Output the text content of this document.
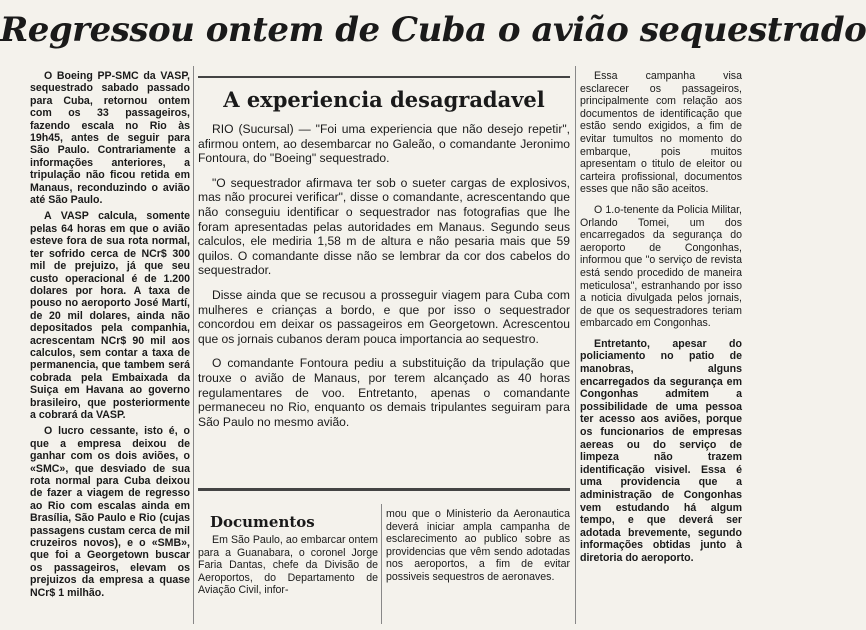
Regressou ontem de Cuba o avião sequestrado

O Boeing PP-SMC da VASP, sequestrado sabado passado para Cuba, retornou ontem com os 33 passageiros, fazendo escala no Rio às 19h45, antes de seguir para São Paulo. Contrariamente a informações anteriores, a tripulação não ficou retida em Manaus, reconduzindo o avião até São Paulo.

A VASP calcula, somente pelas 64 horas em que o avião esteve fora de sua rota normal, ter sofrido cerca de NCr$ 300 mil de prejuizo, já que seu custo operacional é de 1.200 dolares por hora. A taxa de pouso no aeroporto José Martí, de 20 mil dolares, ainda não depositados pela companhia, acrescentam NCr$ 90 mil aos calculos, sem contar a taxa de permanencia, que tambem será cobrada pela Embaixada da Suiça em Havana ao governo brasileiro, que posteriormente a cobrará da VASP.

O lucro cessante, isto é, o que a empresa deixou de ganhar com os dois aviões, o «SMC», que desviado de sua rota normal para Cuba deixou de fazer a viagem de regresso ao Rio com escalas ainda em Brasília, São Paulo e Rio (cujas passagens custam cerca de mil cruzeiros novos), e o «SMB», que foi a Georgetown buscar os passageiros, elevam os prejuizos da empresa a quase NCr$ 1 milhão.

A experiencia desagradavel

RIO (Sucursal) — "Foi uma experiencia que não desejo repetir", afirmou ontem, ao desembarcar no Galeão, o comandante Jeronimo Fontoura, do "Boeing" sequestrado.

"O sequestrador afirmava ter sob o sueter cargas de explosivos, mas não procurei verificar", disse o comandante, acrescentando que não conseguiu identificar o sequestrador nas fotografias que lhe foram apresentadas pelas autoridades em Manaus. Segundo seus calculos, ele mediria 1,58 m de altura e não pesaria mais que 59 quilos. O comandante disse não se lembrar da cor dos cabelos do sequestrador.

Disse ainda que se recusou a prosseguir viagem para Cuba com mulheres e crianças a bordo, e que por isso o sequestrador concordou em deixar os passageiros em Georgetown. Acrescentou que os jornais cubanos deram pouca importancia ao sequestro.

O comandante Fontoura pediu a substituição da tripulação que trouxe o avião de Manaus, por terem alcançado as 40 horas regulamentares de voo. Entretanto, apenas o comandante permaneceu no Rio, enquanto os demais tripulantes seguiram para São Paulo no mesmo avião.

Documentos

Em São Paulo, ao embarcar ontem para a Guanabara, o coronel Jorge Faria Dantas, chefe da Divisão de Aeroportos, do Departamento de Aviação Civil, infor-

mou que o Ministerio da Aeronautica deverá iniciar ampla campanha de esclarecimento ao publico sobre as providencias que vêm sendo adotadas nos aeroportos, a fim de evitar possiveis sequestros de aeronaves.

Essa campanha visa esclarecer os passageiros, principalmente com relação aos documentos de identificação que estão sendo exigidos, a fim de evitar tumultos no momento do embarque, pois muitos apresentam o titulo de eleitor ou carteira profissional, documentos esses que não são aceitos.

O 1.o-tenente da Policia Militar, Orlando Tomei, um dos encarregados da segurança do aeroporto de Congonhas, informou que "o serviço de revista está sendo procedido de maneira meticulosa", estranhando por isso a noticia divulgada pelos jornais, de que os sequestradores teriam embarcado em Congonhas.

Entretanto, apesar do policiamento no patio de manobras, alguns encarregados da segurança em Congonhas admitem a possibilidade de uma pessoa ter acesso aos aviões, porque os funcionarios de empresas aereas ou do serviço de limpeza não trazem identificação visivel. Essa é uma providencia que a administração de Congonhas vem estudando há algum tempo, e que deverá ser adotada brevemente, segundo informações obtidas junto à diretoria do aeroporto.
